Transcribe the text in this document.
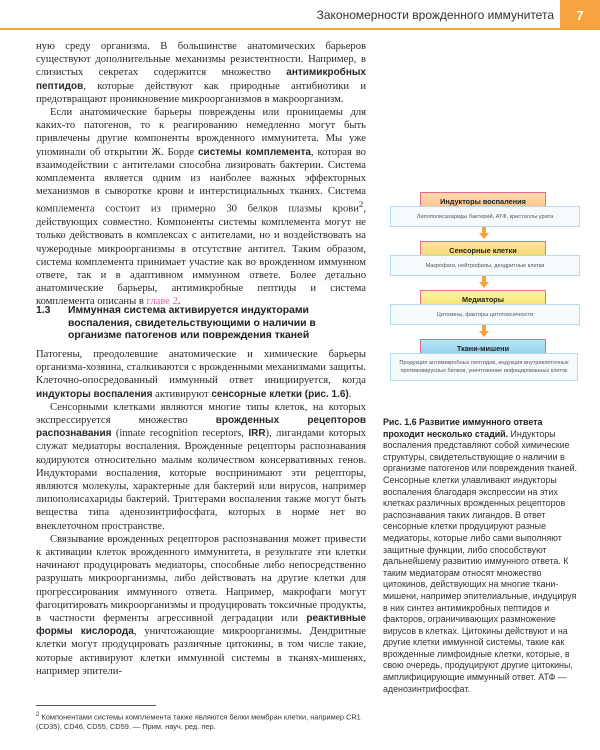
Закономерности врожденного иммунитета	7

ную среду организма. В большинстве анатомических барьеров существуют дополнительные механизмы резистентности. Например, в слизистых секретах содержится множество антимикробных пептидов, которые действуют как природные антибиотики и предотвращают проникновение микроорганизмов в макроорганизм.

Если анатомические барьеры повреждены или проницаемы для каких-то патогенов, то к реагированию немедленно могут быть привлечены другие компоненты врожденного иммунитета. Мы уже упоминали об открытии Ж. Борде системы комплемента, которая во взаимодействии с антителами способна лизировать бактерии. Система комплемента является одним из наиболее важных эффекторных механизмов в сыворотке крови и интерстициальных тканях. Система комплемента состоит из примерно 30 белков плазмы крови$^2$, действующих совместно. Компоненты системы комплемента могут не только действовать в комплексах с антителами, но и воздействовать на чужеродные микроорганизмы в отсутствие антител. Таким образом, система комплемента принимает участие как во врожденном иммунном ответе, так и в адаптивном иммунном ответе. Более детально анатомические барьеры, антимикробные пептиды и система комплемента описаны в главе 2.

1.3 Иммунная система активируется индукторами воспаления, свидетельствующими о наличии в организме патогенов или повреждения тканей

Патогены, преодолевшие анатомические и химические барьеры организма-хозяина, сталкиваются с врожденными механизмами защиты. Клеточно-опосредованный иммунный ответ инициируется, когда индукторы воспаления активируют сенсорные клетки (рис. 1.6).

Сенсорными клетками являются многие типы клеток, на которых экспрессируется множество врожденных рецепторов распознавания (innate recognition receptors, IRR), лигандами которых служат медиаторы воспаления. Врожденные рецепторы распознавания кодируются относительно малым количеством консервативных генов. Индукторами воспаления, которые воспринимают эти рецепторы, являются молекулы, характерные для бактерий или вирусов, например липополисахариды бактерий. Триггерами воспаления также могут быть вещества типа аденозинтрифосфата, которых в норме нет во внеклеточном пространстве.

Связывание врожденных рецепторов распознавания может привести к активации клеток врожденного иммунитета, в результате эти клетки начинают продуцировать медиаторы, способные либо непосредственно разрушать микроорганизмы, либо действовать на другие клетки для прогрессирования иммунного ответа. Например, макрофаги могут фагоцитировать микроорганизмы и продуцировать токсичные продукты, в частности ферменты агрессивной деградации или реактивные формы кислорода, уничтожающие микроорганизмы. Дендритные клетки могут продуцировать различные цитокины, в том числе такие, которые активируют клетки иммунной системы в тканях-мишенях, например эпители-

$^2$ Компонентами системы комплемента также являются белки мембран клетки, например CR1 (CD35), CD46, CD55, CD59. — Прим. науч. ред. пер.
Индукторы воспаления
Липополисахариды бактерий, АТФ, кристаллы урата
Сенсорные клетки
Макрофаги, нейтрофилы, дендритные клетки
Медиаторы
Цитокины, факторы цитотоксичности
Ткани-мишени
Продукция антимикробных пептидов, индукция внутриклеточных противовирусных белков, уничтожение инфицированных клеток
Рис. 1.6 Развитие иммунного ответа проходит несколько стадий. Индукторы воспаления представляют собой химические структуры, свидетельствующие о наличии в организме патогенов или повреждения тканей. Сенсорные клетки улавливают индукторы воспаления благодаря экспрессии на этих клетках различных врожденных рецепторов распознавания таких лигандов. В ответ сенсорные клетки продуцируют разные медиаторы, которые либо сами выполняют защитные функции, либо способствуют дальнейшему развитию иммунного ответа. К таким медиаторам относят множество цитокинов, действующих на многие ткани-мишени, например эпителиальные, индуцируя в них синтез антимикробных пептидов и факторов, ограничивающих размножение вирусов в клетках. Цитокины действуют и на другие клетки иммунной системы, такие как врожденные лимфоидные клетки, которые, в свою очередь, продуцируют другие цитокины, амплифицирующие иммунный ответ. АТФ — аденозинтрифосфат.
